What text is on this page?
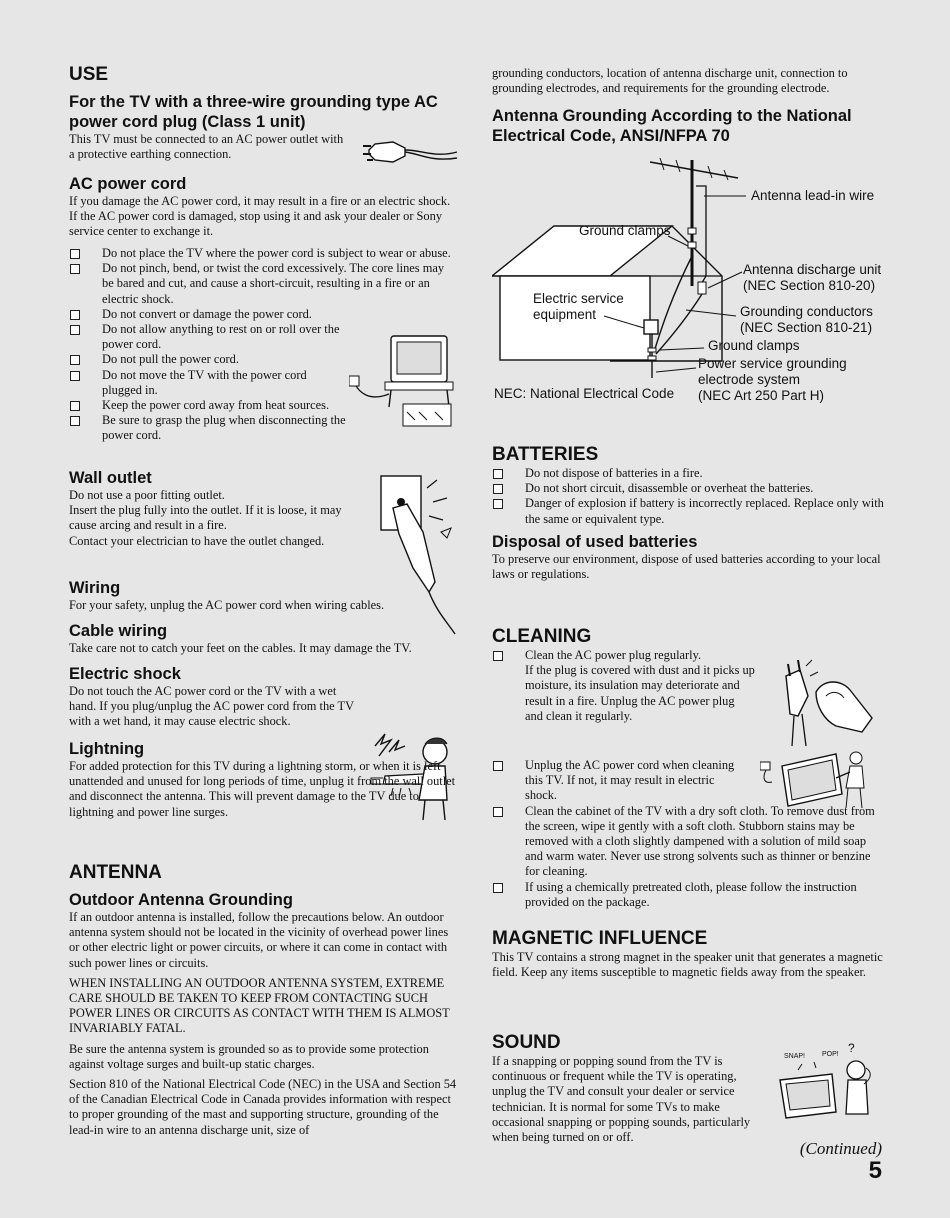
USE
For the TV with a three-wire grounding type AC power cord plug (Class 1 unit)

This TV must be connected to an AC power outlet with a protective earthing connection.

AC power cord

If you damage the AC power cord, it may result in a fire or an electric shock. If the AC power cord is damaged, stop using it and ask your dealer or Sony service center to exchange it.

Do not place the TV where the power cord is subject to wear or abuse.
Do not pinch, bend, or twist the cord excessively. The core lines may be bared and cut, and cause a short-circuit, resulting in a fire or an electric shock.
Do not convert or damage the power cord.
Do not allow anything to rest on or roll over the power cord.
Do not pull the power cord.
Do not move the TV with the power cord plugged in.
Keep the power cord away from heat sources.
Be sure to grasp the plug when disconnecting the power cord.
Wall outlet

Do not use a poor fitting outlet.

Insert the plug fully into the outlet. If it is loose, it may cause arcing and result in a fire.

Contact your electrician to have the outlet changed.

Wiring

For your safety, unplug the AC power cord when wiring cables.

Cable wiring

Take care not to catch your feet on the cables. It may damage the TV.

Electric shock

Do not touch the AC power cord or the TV with a wet hand. If you plug/unplug the AC power cord from the TV with a wet hand, it may cause electric shock.

Lightning

For added protection for this TV during a lightning storm, or when it is left unattended and unused for long periods of time, unplug it from the wall outlet and disconnect the antenna. This will prevent damage to the TV due to lightning and power line surges.

ANTENNA
Outdoor Antenna Grounding

If an outdoor antenna is installed, follow the precautions below. An outdoor antenna system should not be located in the vicinity of overhead power lines or other electric light or power circuits, or where it can come in contact with such power lines or circuits.

WHEN INSTALLING AN OUTDOOR ANTENNA SYSTEM, EXTREME CARE SHOULD BE TAKEN TO KEEP FROM CONTACTING SUCH POWER LINES OR CIRCUITS AS CONTACT WITH THEM IS ALMOST INVARIABLY FATAL.

Be sure the antenna system is grounded so as to provide some protection against voltage surges and built-up static charges.

Section 810 of the National Electrical Code (NEC) in the USA and Section 54 of the Canadian Electrical Code in Canada provides information with respect to proper grounding of the mast and supporting structure, grounding of the lead-in wire to an antenna discharge unit, size of

grounding conductors, location of antenna discharge unit, connection to grounding electrodes, and requirements for the grounding electrode.

Antenna Grounding According to the National Electrical Code, ANSI/NFPA 70
Antenna lead-in wire
Ground clamps
Antenna discharge unit
(NEC Section 810-20)
Electric service
equipment	Grounding conductors
(NEC Section 810-21)
Ground clamps
Power service grounding
electrode system
(NEC Art 250 Part H)
NEC: National Electrical Code
BATTERIES
Do not dispose of batteries in a fire.
Do not short circuit, disassemble or overheat the batteries.
Danger of explosion if battery is incorrectly replaced. Replace only with the same or equivalent type.
Disposal of used batteries

To preserve our environment, dispose of used batteries according to your local laws or regulations.

CLEANING
Clean the AC power plug regularly.
If the plug is covered with dust and it picks up moisture, its insulation may deteriorate and result in a fire. Unplug the AC power plug and clean it regularly.
Unplug the AC power cord when cleaning this TV. If not, it may result in electric shock.
Clean the cabinet of the TV with a dry soft cloth. To remove dust from the screen, wipe it gently with a soft cloth. Stubborn stains may be removed with a cloth slightly dampened with a solution of mild soap and warm water. Never use strong solvents such as thinner or benzine for cleaning.
If using a chemically pretreated cloth, please follow the instruction provided on the package.
MAGNETIC INFLUENCE

This TV contains a strong magnet in the speaker unit that generates a magnetic field. Keep any items susceptible to magnetic fields away from the speaker.

SOUND

If a snapping or popping sound from the TV is continuous or frequent while the TV is operating, unplug the TV and consult your dealer or service technician. It is normal for some TVs to make occasional snapping or popping sounds, particularly when being turned on or off.

SNAP! POP! ?
(Continued)
5
